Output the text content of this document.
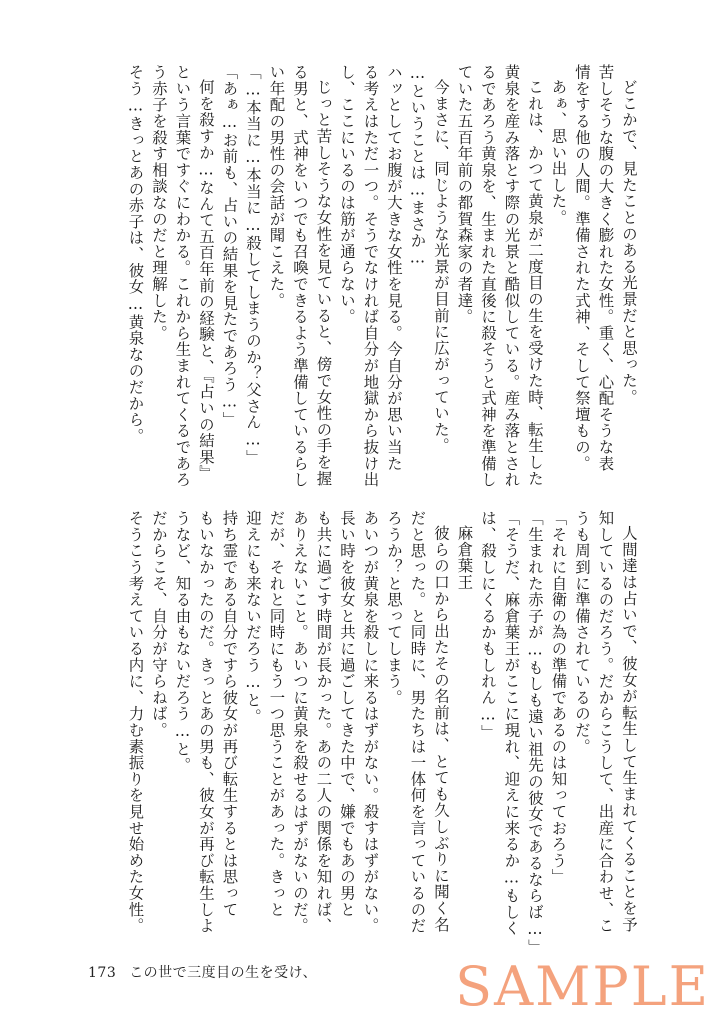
どこかで、見たことのある光景だと思った。

苦しそうな腹の大きく膨れた女性。重く、心配そうな表

情をする他の人間。準備された式神、そして祭壇もの。

あぁ、思い出した。

これは、かつて黄泉が二度目の生を受けた時、転生した

黄泉を産み落とす際の光景と酷似している。産み落とされ

るであろう黄泉を、生まれた直後に殺そうと式神を準備し

ていた五百年前の都賀森家の者達。

今まさに、同じような光景が目前に広がっていた。

…ということは…まさか…

ハッとしてお腹が大きな女性を見る。今自分が思い当た

る考えはただ一つ。そうでなければ自分が地獄から抜け出

し、ここにいるのは筋が通らない。

じっと苦しそうな女性を見ていると、傍で女性の手を握

る男と、式神をいつでも召喚できるよう準備しているらし

い年配の男性の会話が聞こえた。

「…本当に…本当に…殺してしまうのか？父さん…」

「あぁ…お前も、占いの結果を見たであろう…」

何を殺すか…なんて五百年前の経験と、『占いの結果』

という言葉ですぐにわかる。これから生まれてくるであろ

う赤子を殺す相談なのだと理解した。

そう…きっとあの赤子は、彼女…黄泉なのだから。

人間達は占いで、彼女が転生して生まれてくることを予

知しているのだろう。だからこうして、出産に合わせ、こ

うも周到に準備されているのだ。

「それに自衛の為の準備であるのは知っておろう」

「生まれた赤子が…もしも遠い祖先の彼女であるならば…」

「そうだ、麻倉葉王がここに現れ、迎えに来るか…もしく

は、殺しにくるかもしれん…」

麻倉葉王

彼らの口から出たその名前は、とても久しぶりに聞く名

だと思った。と同時に、男たちは一体何を言っているのだ

ろうか？と思ってしまう。

あいつが黄泉を殺しに来るはずがない。殺すはずがない。

長い時を彼女と共に過ごしてきた中で、嫌でもあの男と

も共に過ごす時間が長かった。あの二人の関係を知れば、

ありえないこと。あいつに黄泉を殺せるはずがないのだ。

だが、それと同時にもう一つ思うことがあった。きっと

迎えにも来ないだろう…と。

持ち霊である自分ですら彼女が再び転生するとは思って

もいなかったのだ。きっとあの男も、彼女が再び転生しよ

うなど、知る由もないだろう…と。

だからこそ、自分が守らねば。

そうこう考えている内に、力む素振りを見せ始めた女性。

173 この世で三度目の生を受け、	SAMPLE
